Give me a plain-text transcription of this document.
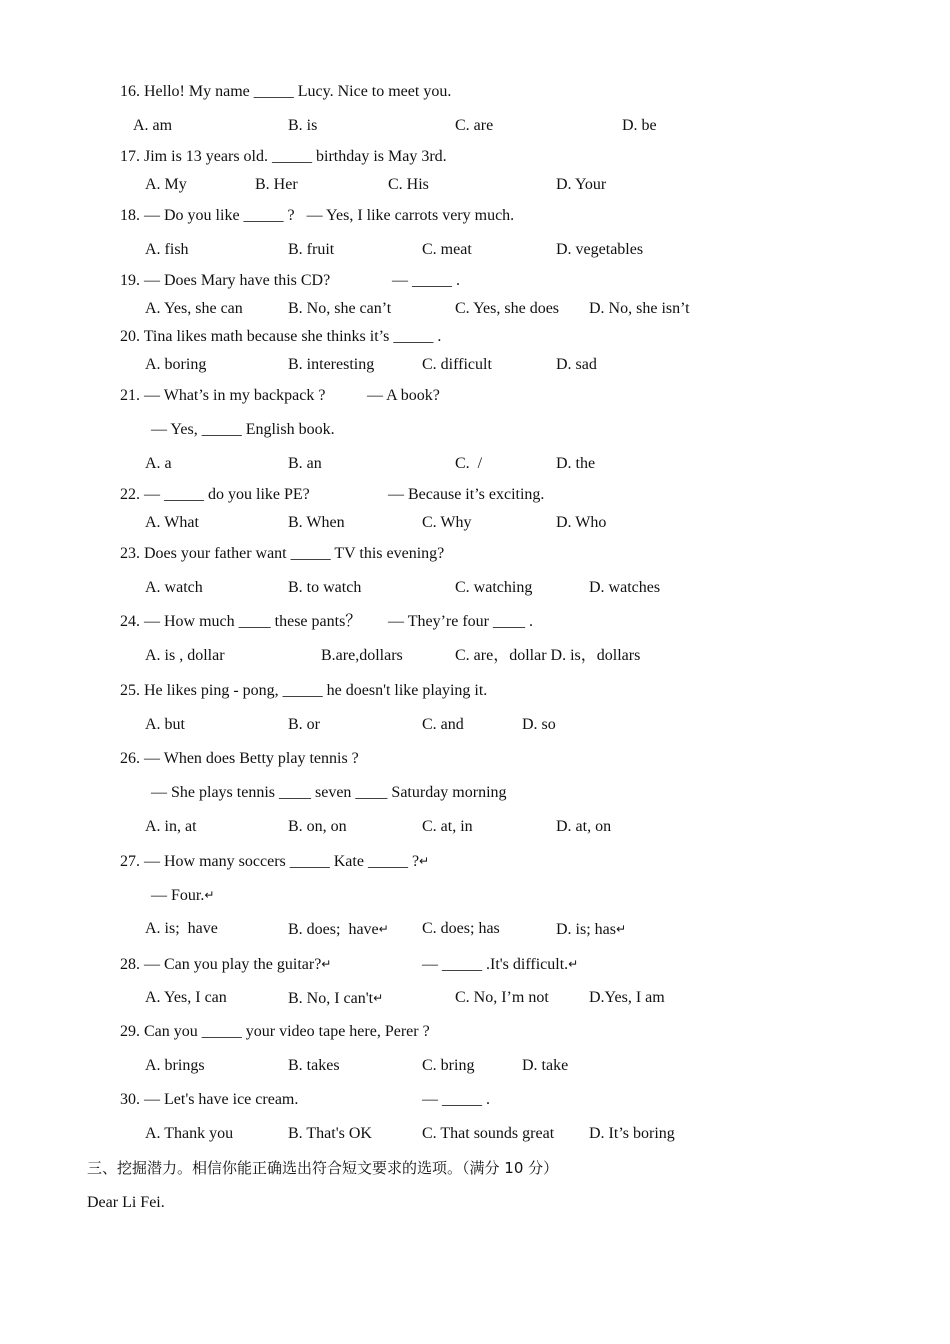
16. Hello! My name _____ Lucy. Nice to meet you.
A. am	B. is	C. are	D. be
17. Jim is 13 years old. _____ birthday is May 3rd.
A. My	B. Her	C. His	D. Your
18. — Do you like _____ ?   — Yes, I like carrots very much.
A. fish	B. fruit	C. meat	D. vegetables
19. — Does Mary have this CD?	— _____ .
A. Yes, she can	B. No, she can’t	C. Yes, she does D. No, she isn’t
20. Tina likes math because she thinks it’s _____ .
A. boring	B. interesting	C. difficult	D. sad
21. — What’s in my backpack ?	— A book?
— Yes, _____ English book.
A. a	B. an	C.  /	D. the
22. — _____ do you like PE?	— Because it’s exciting.
A. What	B. When	C. Why	D. Who
23. Does your father want _____ TV this evening?
A. watch	B. to watch	C. watching	D. watches
24. — How much ____ these pants？ — They’re four ____ .
A. is , dollar	B.are,dollars	C. are，dollar D. is，dollars
25. He likes ping - pong, _____ he doesn't like playing it.
A. but	B. or	C. and	D. so
26. — When does Betty play tennis ?
— She plays tennis ____ seven ____ Saturday morning
A. in, at	B. on, on	C. at, in	D. at, on
27. — How many soccers _____ Kate _____ ?↵
— Four.↵
A. is;  have	B. does;  have↵ C. does; has	D. is; has↵
28. — Can you play the guitar?↵	— _____ .It's difficult.↵
A. Yes, I can	B. No, I can't↵	C. No, I’m not	D.Yes, I am
29. Can you _____ your video tape here, Perer ?
A. brings	B. takes	C. bring	D. take
30. — Let's have ice cream.	— _____ .
A. Thank you	B. That's OK	C. That sounds great D. It’s boring
三、挖掘潜力。相信你能正确选出符合短文要求的选项。（满分 10 分）
Dear Li Fei.
